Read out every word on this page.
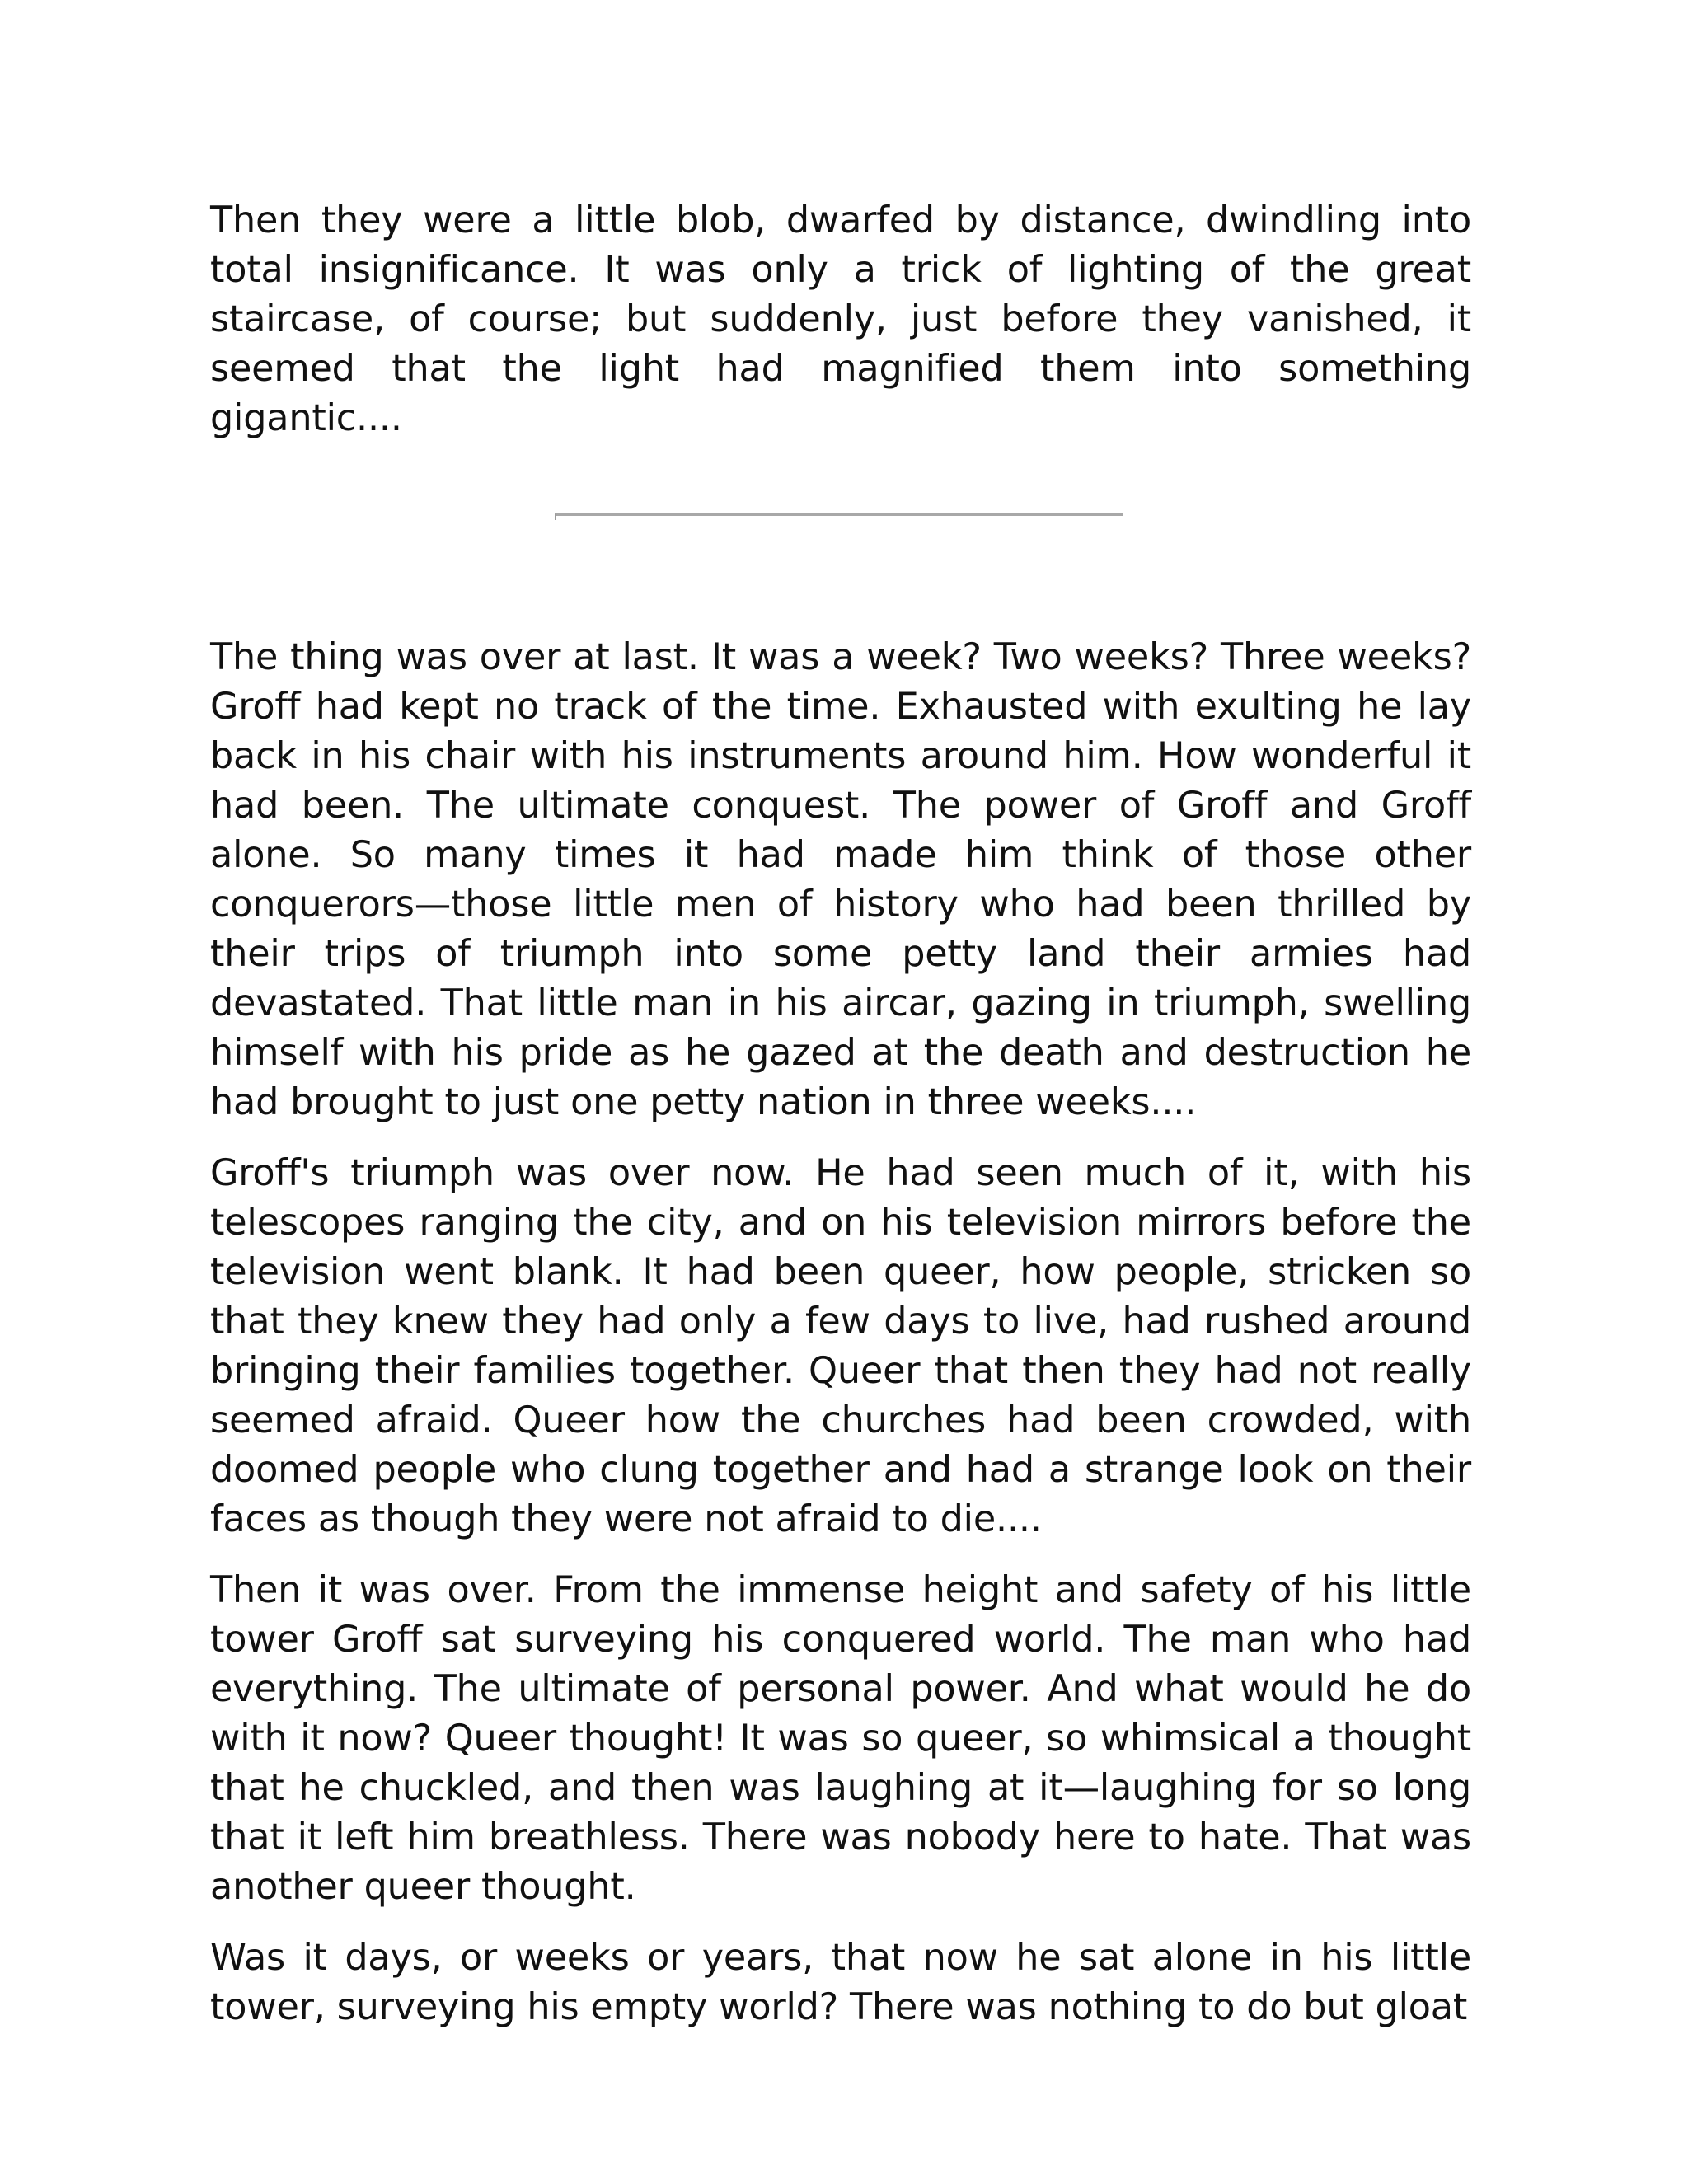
Then they were a little blob, dwarfed by distance, dwindling into total insignificance. It was only a trick of lighting of the great staircase, of course; but suddenly, just before they vanished, it seemed that the light had magnified them into something gigantic....

The thing was over at last. It was a week? Two weeks? Three weeks? Groff had kept no track of the time. Exhausted with exulting he lay back in his chair with his instruments around him. How wonderful it had been. The ultimate conquest. The power of Groff and Groff alone. So many times it had made him think of those other conquerors—those little men of history who had been thrilled by their trips of triumph into some petty land their armies had devastated. That little man in his aircar, gazing in triumph, swelling himself with his pride as he gazed at the death and destruction he had brought to just one petty nation in three weeks....

Groff's triumph was over now. He had seen much of it, with his telescopes ranging the city, and on his television mirrors before the television went blank. It had been queer, how people, stricken so that they knew they had only a few days to live, had rushed around bringing their families together. Queer that then they had not really seemed afraid. Queer how the churches had been crowded, with doomed people who clung together and had a strange look on their faces as though they were not afraid to die....

Then it was over. From the immense height and safety of his little tower Groff sat surveying his conquered world. The man who had everything. The ultimate of personal power. And what would he do with it now? Queer thought! It was so queer, so whimsical a thought that he chuckled, and then was laughing at it—laughing for so long that it left him breathless. There was nobody here to hate. That was another queer thought.

Was it days, or weeks or years, that now he sat alone in his little tower, surveying his empty world? There was nothing to do but gloat
